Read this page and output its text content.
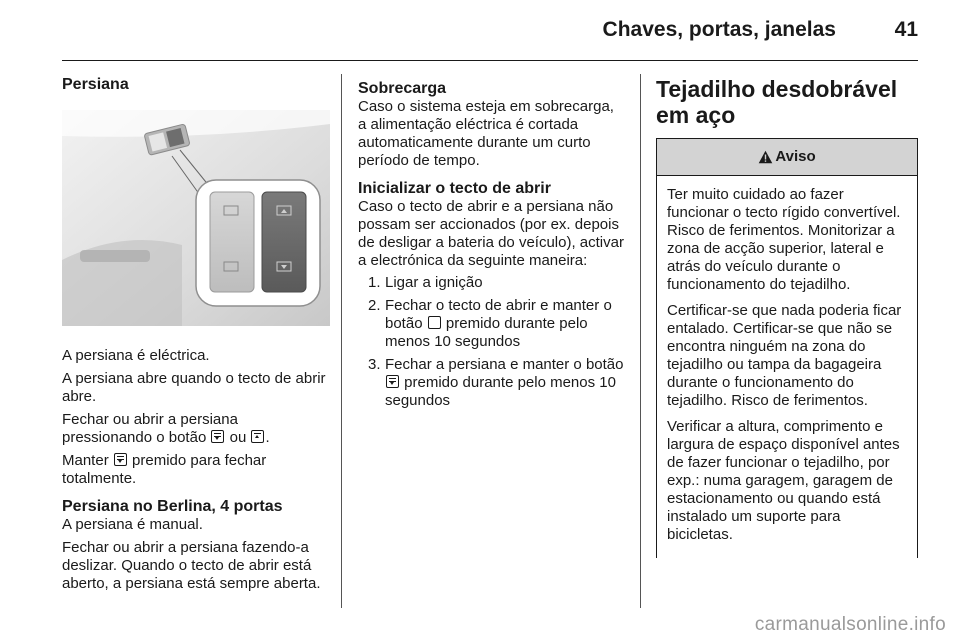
Chaves, portas, janelas	41
Persiana

A persiana é eléctrica.

A persiana abre quando o tecto de abrir abre.

Fechar ou abrir a persiana pressionando o botão ou .

Manter premido para fechar totalmente.

Persiana no Berlina, 4 portas

A persiana é manual.

Fechar ou abrir a persiana fazendo-a deslizar. Quando o tecto de abrir está aberto, a persiana está sempre aberta.

Sobrecarga

Caso o sistema esteja em sobrecarga, a alimentação eléctrica é cortada automaticamente durante um curto período de tempo.

Inicializar o tecto de abrir

Caso o tecto de abrir e a persiana não possam ser accionados (por ex. depois de desligar a bateria do veículo), activar a electrónica da seguinte maneira:

1. Ligar a ignição
2. Fechar o tecto de abrir e manter o botão premido durante pelo menos 10 segundos
3. Fechar a persiana e manter o botão  premido durante pelo menos 10 segundos
Tejadilho desdobrável em aço
Aviso

Ter muito cuidado ao fazer funcionar o tecto rígido convertível. Risco de ferimentos. Monitorizar a zona de acção superior, lateral e atrás do veículo durante o funcionamento do tejadilho.

Certificar-se que nada poderia ficar entalado. Certificar-se que não se encontra ninguém na zona do tejadilho ou tampa da bagageira durante o funcionamento do tejadilho. Risco de ferimentos.

Verificar a altura, comprimento e largura de espaço disponível antes de fazer funcionar o tejadilho, por exp.: numa garagem, garagem de estacionamento ou quando está instalado um suporte para bicicletas.

carmanualsonline.info
